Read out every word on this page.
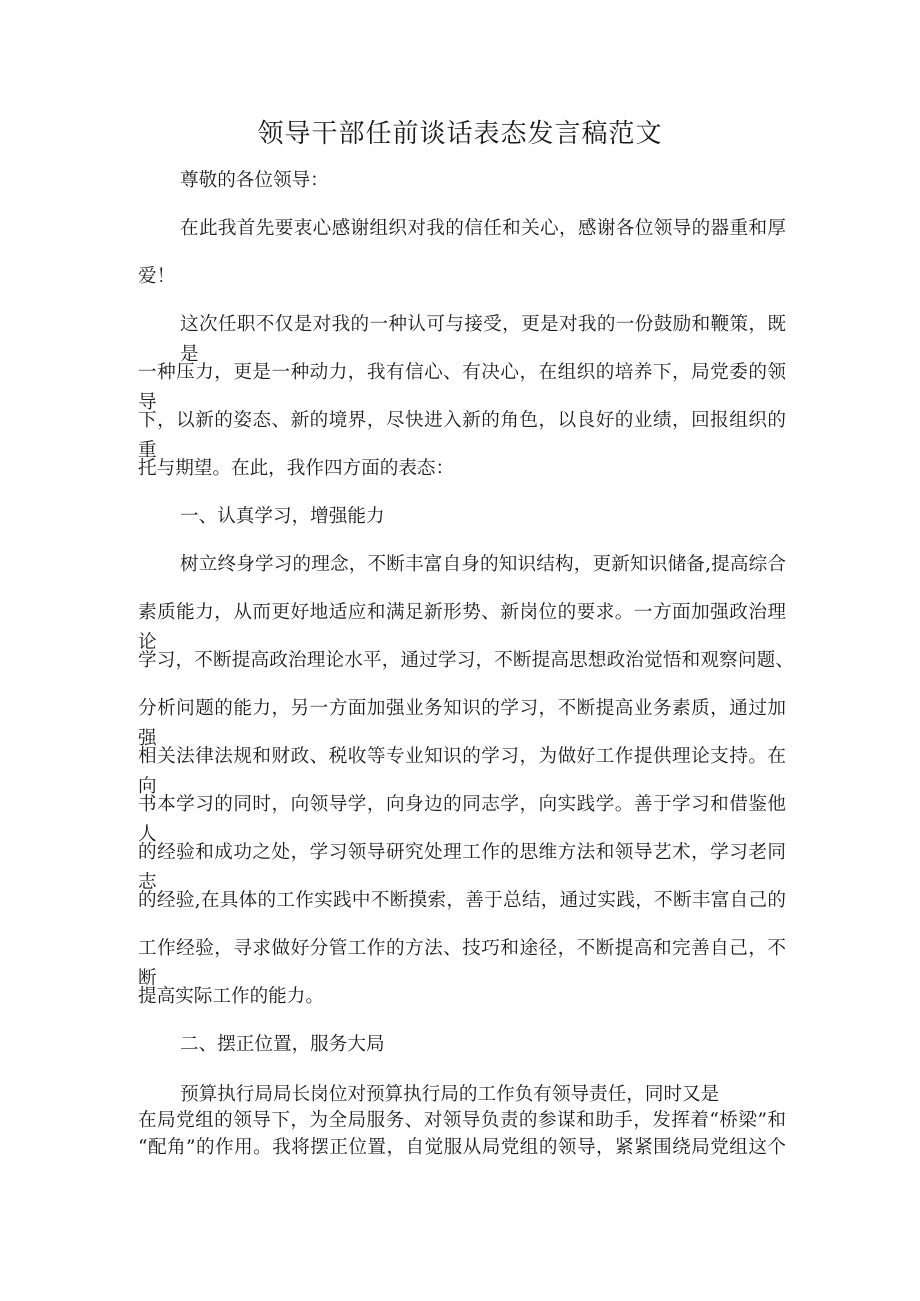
领导干部任前谈话表态发言稿范文

尊敬的各位领导：

在此我首先要衷心感谢组织对我的信任和关心，感谢各位领导的器重和厚

爱！

这次任职不仅是对我的一种认可与接受，更是对我的一份鼓励和鞭策，既是

一种压力，更是一种动力，我有信心、有决心，在组织的培养下，局党委的领导

下，以新的姿态、新的境界，尽快进入新的角色，以良好的业绩，回报组织的重

托与期望。在此，我作四方面的表态：

一、认真学习，增强能力

树立终身学习的理念，不断丰富自身的知识结构，更新知识储备,提高综合

素质能力，从而更好地适应和满足新形势、新岗位的要求。一方面加强政治理论

学习，不断提高政治理论水平，通过学习，不断提高思想政治觉悟和观察问题、

分析问题的能力，另一方面加强业务知识的学习，不断提高业务素质，通过加强

相关法律法规和财政、税收等专业知识的学习，为做好工作提供理论支持。在向

书本学习的同时，向领导学，向身边的同志学，向实践学。善于学习和借鉴他人

的经验和成功之处，学习领导研究处理工作的思维方法和领导艺术，学习老同志

的经验,在具体的工作实践中不断摸索，善于总结，通过实践，不断丰富自己的

工作经验，寻求做好分管工作的方法、技巧和途径，不断提高和完善自己，不断

提高实际工作的能力。

二、摆正位置，服务大局

预算执行局局长岗位对预算执行局的工作负有领导责任，同时又是

在局党组的领导下，为全局服务、对领导负责的参谋和助手，发挥着“桥梁”和

“配角”的作用。我将摆正位置，自觉服从局党组的领导，紧紧围绕局党组这个
